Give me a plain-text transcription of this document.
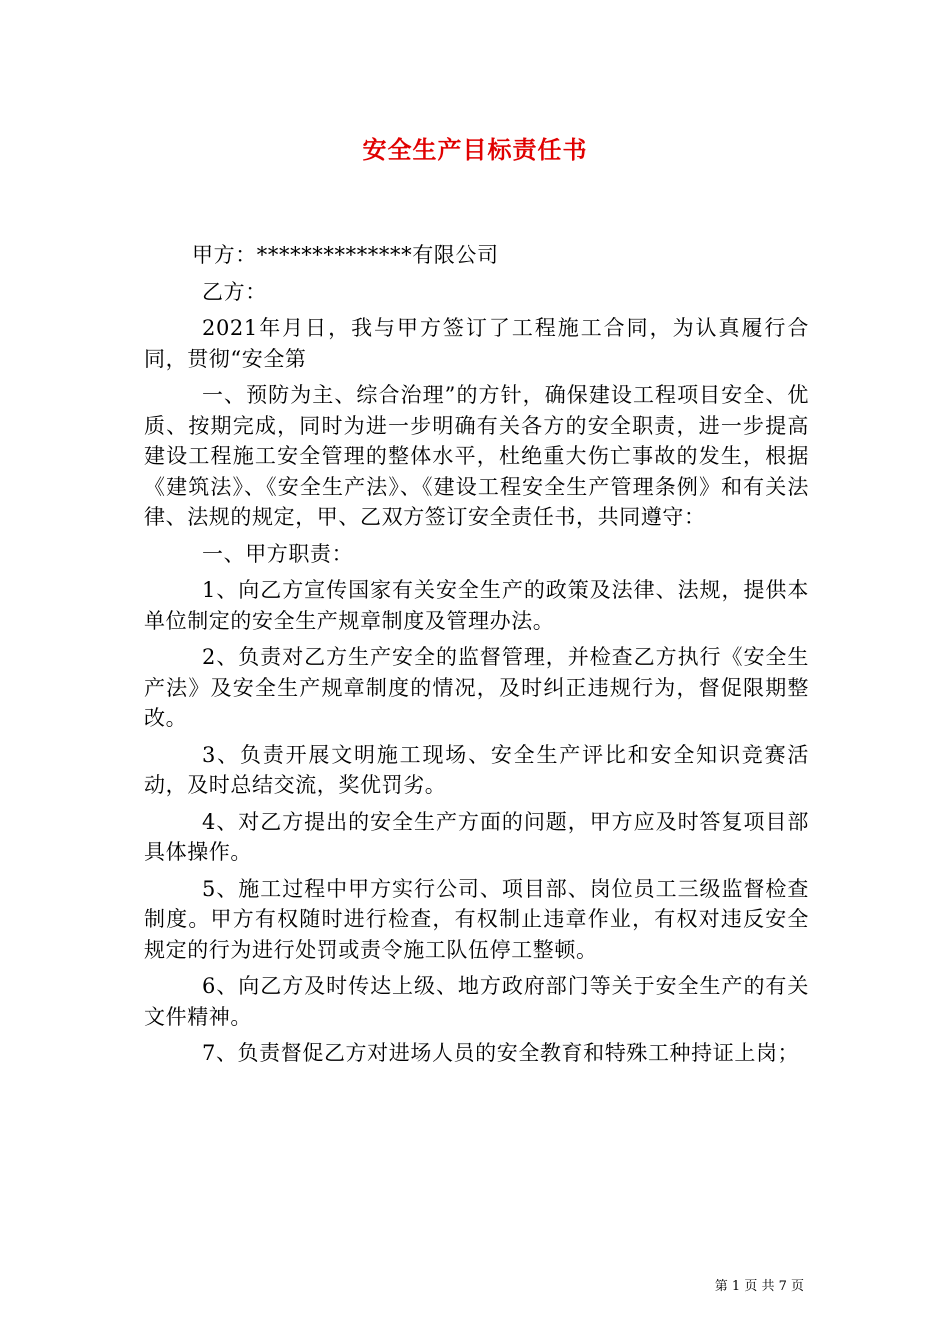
安全生产目标责任书

甲方：**************有限公司

乙方：

2021年月日，我与甲方签订了工程施工合同，为认真履行合同，贯彻“安全第

一、预防为主、综合治理”的方针，确保建设工程项目安全、优质、按期完成，同时为进一步明确有关各方的安全职责，进一步提高建设工程施工安全管理的整体水平，杜绝重大伤亡事故的发生，根据《建筑法》、《安全生产法》、《建设工程安全生产管理条例》和有关法律、法规的规定，甲、乙双方签订安全责任书，共同遵守：

一、甲方职责：

1、向乙方宣传国家有关安全生产的政策及法律、法规，提供本单位制定的安全生产规章制度及管理办法。

2、负责对乙方生产安全的监督管理，并检查乙方执行《安全生产法》及安全生产规章制度的情况，及时纠正违规行为，督促限期整改。

3、负责开展文明施工现场、安全生产评比和安全知识竞赛活动，及时总结交流，奖优罚劣。

4、对乙方提出的安全生产方面的问题，甲方应及时答复项目部具体操作。

5、施工过程中甲方实行公司、项目部、岗位员工三级监督检查制度。甲方有权随时进行检查，有权制止违章作业，有权对违反安全规定的行为进行处罚或责令施工队伍停工整顿。

6、向乙方及时传达上级、地方政府部门等关于安全生产的有关文件精神。

7、负责督促乙方对进场人员的安全教育和特殊工种持证上岗；

第 1 页 共 7 页
